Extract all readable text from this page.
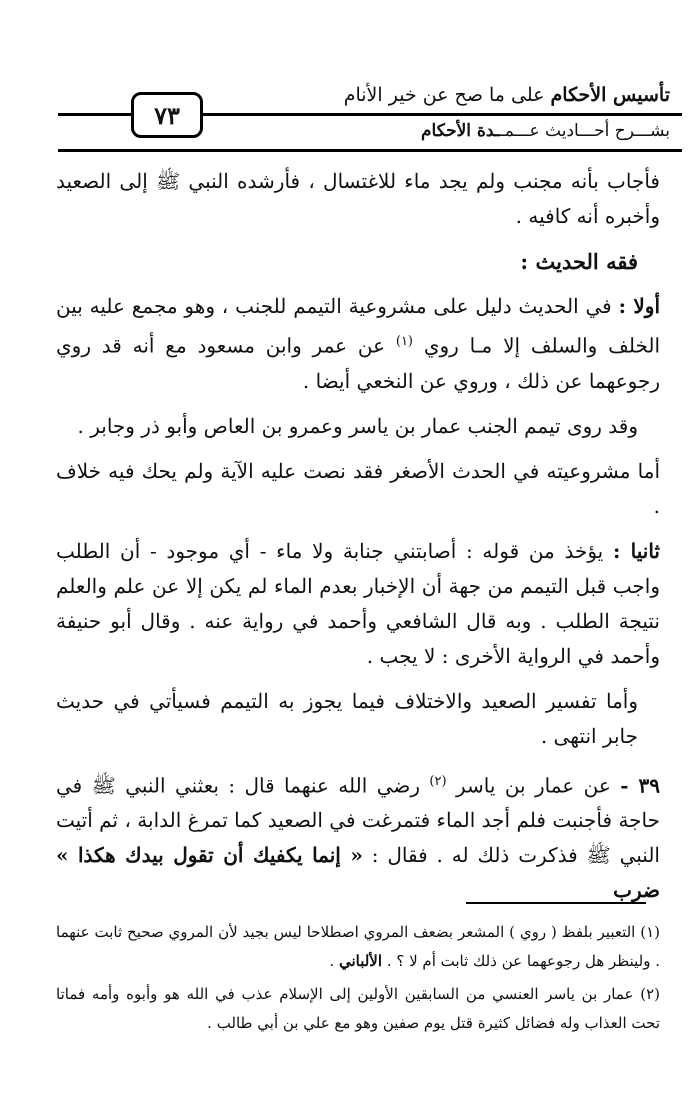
تأسيس الأحكام على ما صح عن خير الأنام
٧٣
بشـــرح أحـــاديث عـــمــدة الأحكام

فأجاب بأنه مجنب ولم يجد ماء للاغتسال ، فأرشده النبي ﷺ إلى الصعيد وأخبره أنه كافيه .

فقه الحديث :

أولا : في الحديث دليل على مشروعية التيمم للجنب ، وهو مجمع عليه بين الخلف والسلف إلا مـا روي $^{(١)}$ عن عمر وابن مسعود مع أنه قد روي رجوعهما عن ذلك ، وروي عن النخعي أيضا .

وقد روى تيمم الجنب عمار بن ياسر وعمرو بن العاص وأبو ذر وجابر .

أما مشروعيته في الحدث الأصغر فقد نصت عليه الآية ولم يحك فيه خلاف .

ثانيا : يؤخذ من قوله : أصابتني جنابة ولا ماء - أي موجود - أن الطلب واجب قبل التيمم من جهة أن الإخبار بعدم الماء لم يكن إلا عن علم والعلم نتيجة الطلب . وبه قال الشافعي وأحمد في رواية عنه . وقال أبو حنيفة وأحمد في الرواية الأخرى : لا يجب .

وأما تفسير الصعيد والاختلاف فيما يجوز به التيمم فسيأتي في حديث جابر انتهى .

٣٩ - عن عمار بن ياسر $^{(٢)}$ رضي الله عنهما قال : بعثني النبي ﷺ في حاجة فأجنبت فلم أجد الماء فتمرغت في الصعيد كما تمرغ الدابة ، ثم أتيت النبي ﷺ فذكرت ذلك له . فقال : « إنما يكفيك أن تقول بيدك هكذا » ضرب

(١) التعبير بلفظ ( روي ) المشعر بضعف المروي اصطلاحا ليس بجيد لأن المروي صحيح ثابت عنهما . ولينظر هل رجوعهما عن ذلك ثابت أم لا ؟ . الألباني .

(٢) عمار بن ياسر العنسي من السابقين الأولين إلى الإسلام عذب في الله هو وأبوه وأمه فماتا تحت العذاب وله فضائل كثيرة قتل يوم صفين وهو مع علي بن أبي طالب .
